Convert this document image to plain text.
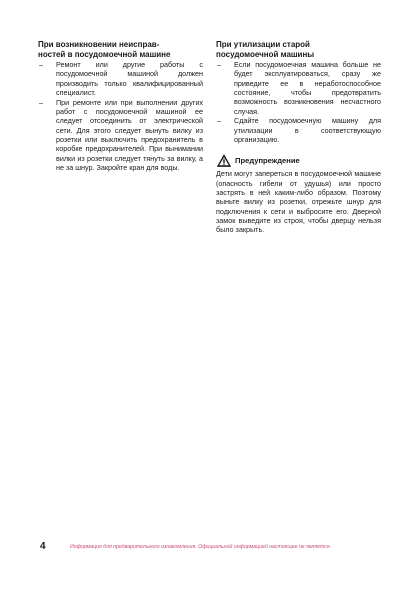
При возникновении неисправ-
ностей в посудомоечной машине
– Ремонт или другие работы с посудомоечной машиной должен производить только квалифицированный специалист.
– При ремонте или при выполнении других работ с посудомоечной машиной ее следует отсоединить от электрической сети. Для этого следует вынуть вилку из розетки или выключить предохранитель в коробке предохранителей. При вынимании вилки из розетки следует тянуть за вилку, а не за шнур. Закройте кран для воды.
При утилизации старой
посудомоечной машины
– Если посудомоечная машина больше не будет эксплуатироваться, сразу же приведите ее в неработоспособное состояние, чтобы предотвратить возможность возникновения несчастного случая.
– Сдайте посудомоечную машину для утилизации в соответствующую организацию.
Предупреждение
Дети могут запереться в посудомоечной машине (опасность гибели от удушья) или просто застрять в ней каким-либо образом. Поэтому выньте вилку из розетки, отрежьте шнур для подключения к сети и выбросите его. Дверной замок выведите из строя, чтобы дверцу нельзя было закрыть.
4	Информация для предварительного ознакомления. Официальной информацией настоящее не является.
